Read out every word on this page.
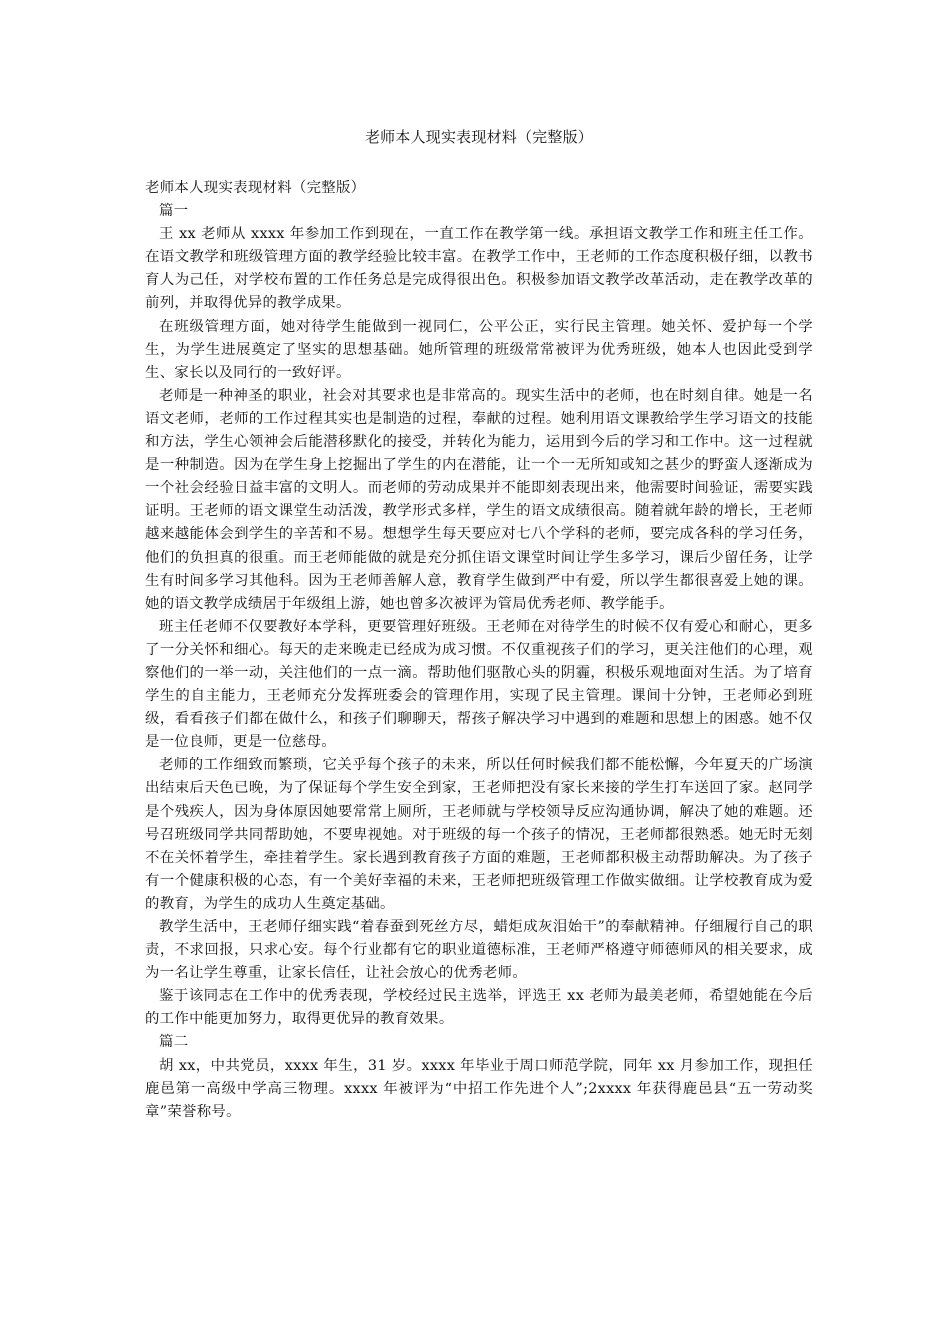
老师本人现实表现材料（完整版）

老师本人现实表现材料（完整版）

篇一

王 xx 老师从 xxxx 年参加工作到现在，一直工作在教学第一线。承担语文教学工作和班主任工作。在语文教学和班级管理方面的教学经验比较丰富。在教学工作中，王老师的工作态度积极仔细，以教书育人为己任，对学校布置的工作任务总是完成得很出色。积极参加语文教学改革活动，走在教学改革的前列，并取得优异的教学成果。

在班级管理方面，她对待学生能做到一视同仁，公平公正，实行民主管理。她关怀、爱护每一个学生，为学生进展奠定了坚实的思想基础。她所管理的班级常常被评为优秀班级，她本人也因此受到学生、家长以及同行的一致好评。

老师是一种神圣的职业，社会对其要求也是非常高的。现实生活中的老师，也在时刻自律。她是一名语文老师，老师的工作过程其实也是制造的过程，奉献的过程。她利用语文课教给学生学习语文的技能和方法，学生心领神会后能潜移默化的接受，并转化为能力，运用到今后的学习和工作中。这一过程就是一种制造。因为在学生身上挖掘出了学生的内在潜能，让一个一无所知或知之甚少的野蛮人逐渐成为一个社会经验日益丰富的文明人。而老师的劳动成果并不能即刻表现出来，他需要时间验证，需要实践证明。王老师的语文课堂生动活泼，教学形式多样，学生的语文成绩很高。随着就年龄的增长，王老师越来越能体会到学生的辛苦和不易。想想学生每天要应对七八个学科的老师，要完成各科的学习任务，他们的负担真的很重。而王老师能做的就是充分抓住语文课堂时间让学生多学习，课后少留任务，让学生有时间多学习其他科。因为王老师善解人意，教育学生做到严中有爱，所以学生都很喜爱上她的课。她的语文教学成绩居于年级组上游，她也曾多次被评为管局优秀老师、教学能手。

班主任老师不仅要教好本学科，更要管理好班级。王老师在对待学生的时候不仅有爱心和耐心，更多了一分关怀和细心。每天的走来晚走已经成为成习惯。不仅重视孩子们的学习，更关注他们的心理，观察他们的一举一动，关注他们的一点一滴。帮助他们驱散心头的阴霾，积极乐观地面对生活。为了培育学生的自主能力，王老师充分发挥班委会的管理作用，实现了民主管理。课间十分钟，王老师必到班级，看看孩子们都在做什么，和孩子们聊聊天，帮孩子解决学习中遇到的难题和思想上的困惑。她不仅是一位良师，更是一位慈母。

老师的工作细致而繁琐，它关乎每个孩子的未来，所以任何时候我们都不能松懈，今年夏天的广场演出结束后天色已晚，为了保证每个学生安全到家，王老师把没有家长来接的学生打车送回了家。赵同学是个残疾人，因为身体原因她要常常上厕所，王老师就与学校领导反应沟通协调，解决了她的难题。还号召班级同学共同帮助她，不要卑视她。对于班级的每一个孩子的情况，王老师都很熟悉。她无时无刻不在关怀着学生，牵挂着学生。家长遇到教育孩子方面的难题，王老师都积极主动帮助解决。为了孩子有一个健康积极的心态，有一个美好幸福的未来，王老师把班级管理工作做实做细。让学校教育成为爱的教育，为学生的成功人生奠定基础。

教学生活中，王老师仔细实践“着春蚕到死丝方尽，蜡炬成灰泪始干”的奉献精神。仔细履行自己的职责，不求回报，只求心安。每个行业都有它的职业道德标准，王老师严格遵守师德师风的相关要求，成为一名让学生尊重，让家长信任，让社会放心的优秀老师。

鉴于该同志在工作中的优秀表现，学校经过民主选举，评选王 xx 老师为最美老师，希望她能在今后的工作中能更加努力，取得更优异的教育效果。

篇二

胡 xx，中共党员，xxxx 年生，31 岁。xxxx 年毕业于周口师范学院，同年 xx 月参加工作，现担任鹿邑第一高级中学高三物理。xxxx 年被评为“中招工作先进个人”;2xxxx 年获得鹿邑县“五一劳动奖章”荣誉称号。
